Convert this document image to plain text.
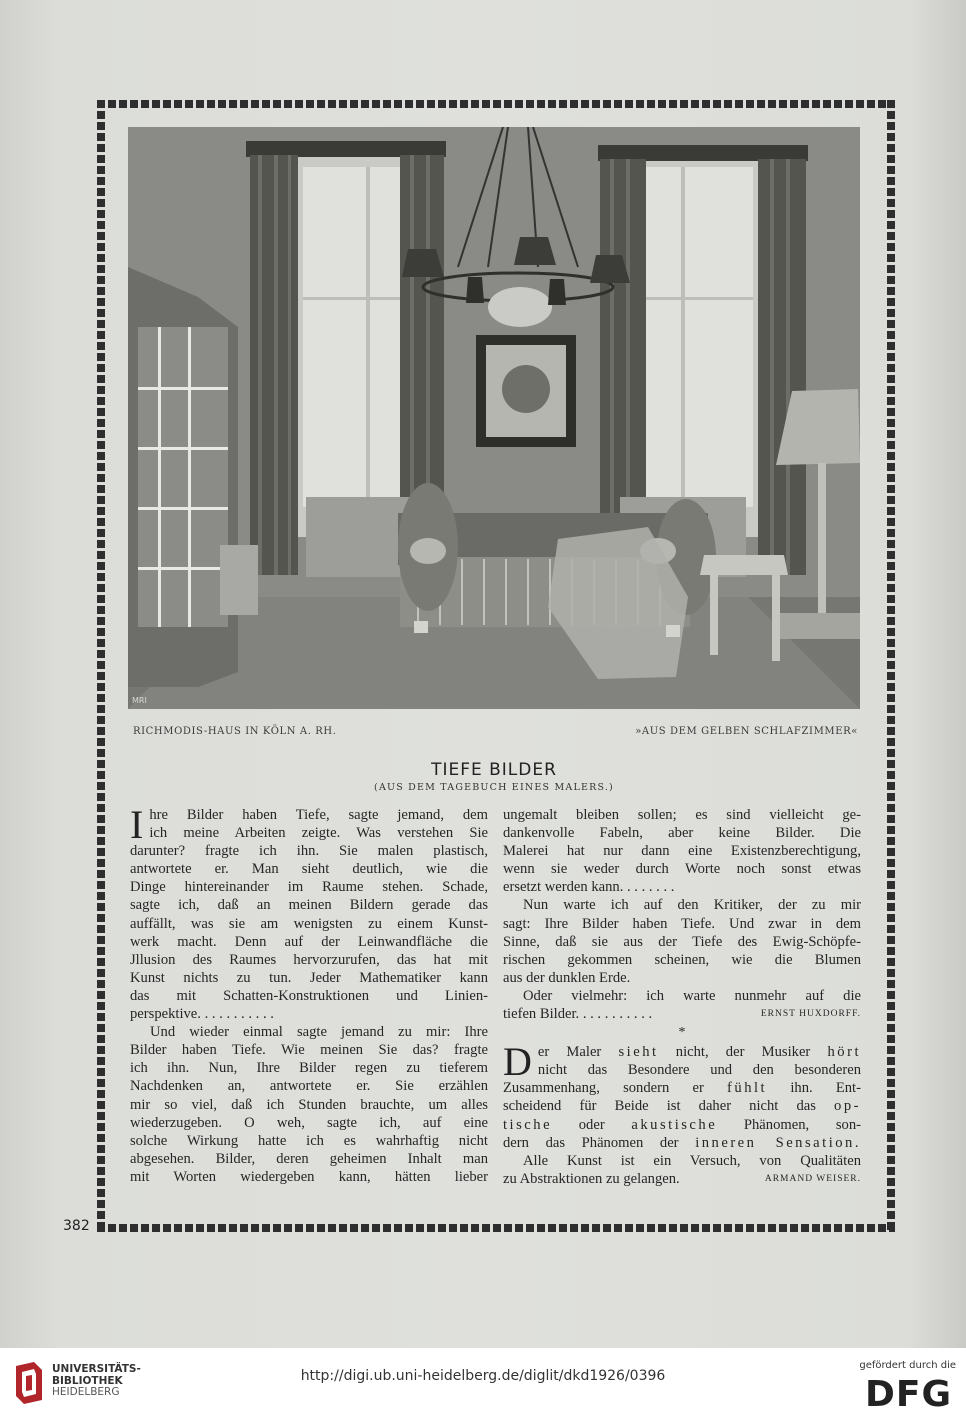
MRI
RICHMODIS-HAUS IN KÖLN A. RH.	»AUS DEM GELBEN SCHLAFZIMMER«
TIEFE BILDER
(AUS DEM TAGEBUCH EINES MALERS.)
I hre Bilder haben Tiefe, sagte jemand, dem
ich meine Arbeiten zeigte. Was verstehen Sie
darunter? fragte ich ihn. Sie malen plastisch,
antwortete er. Man sieht deutlich, wie die
Dinge hintereinander im Raume stehen. Schade,
sagte ich, daß an meinen Bildern gerade das
auffällt, was sie am wenigsten zu einem Kunst-
werk macht. Denn auf der Leinwandfläche die
Jllusion des Raumes hervorzurufen, das hat mit
Kunst nichts zu tun. Jeder Mathematiker kann
das mit Schatten-Konstruktionen und Linien-
perspektive. . . . . . . . . . .
Und wieder einmal sagte jemand zu mir: Ihre
Bilder haben Tiefe. Wie meinen Sie das? fragte
ich ihn. Nun, Ihre Bilder regen zu tieferem
Nachdenken an, antwortete er. Sie erzählen
mir so viel, daß ich Stunden brauchte, um alles
wiederzugeben. O weh, sagte ich, auf eine
solche Wirkung hatte ich es wahrhaftig nicht
abgesehen. Bilder, deren geheimen Inhalt man
mit Worten wiedergeben kann, hätten lieber
ungemalt bleiben sollen; es sind vielleicht ge-
dankenvolle Fabeln, aber keine Bilder. Die
Malerei hat nur dann eine Existenzberechtigung,
wenn sie weder durch Worte noch sonst etwas
ersetzt werden kann. . . . . . . .
Nun warte ich auf den Kritiker, der zu mir
sagt: Ihre Bilder haben Tiefe. Und zwar in dem
Sinne, daß sie aus der Tiefe des Ewig-Schöpfe-
rischen gekommen scheinen, wie die Blumen
aus der dunklen Erde.
Oder vielmehr: ich warte nunmehr auf die
tiefen Bilder. . . . . . . . . . .	ERNST HUXDORFF.
*
D er Maler sieht nicht, der Musiker hört
nicht das Besondere und den besonderen
Zusammenhang, sondern er fühlt ihn. Ent-
scheidend für Beide ist daher nicht das op-
tische oder akustische Phänomen, son-
dern das Phänomen der inneren Sensation.
Alle Kunst ist ein Versuch, von Qualitäten
zu Abstraktionen zu gelangen.	ARMAND WEISER.
382
UNIVERSITÄTS-
BIBLIOTHEK
HEIDELBERG
http://digi.ub.uni-heidelberg.de/diglit/dkd1926/0396
gefördert durch die
DFG
